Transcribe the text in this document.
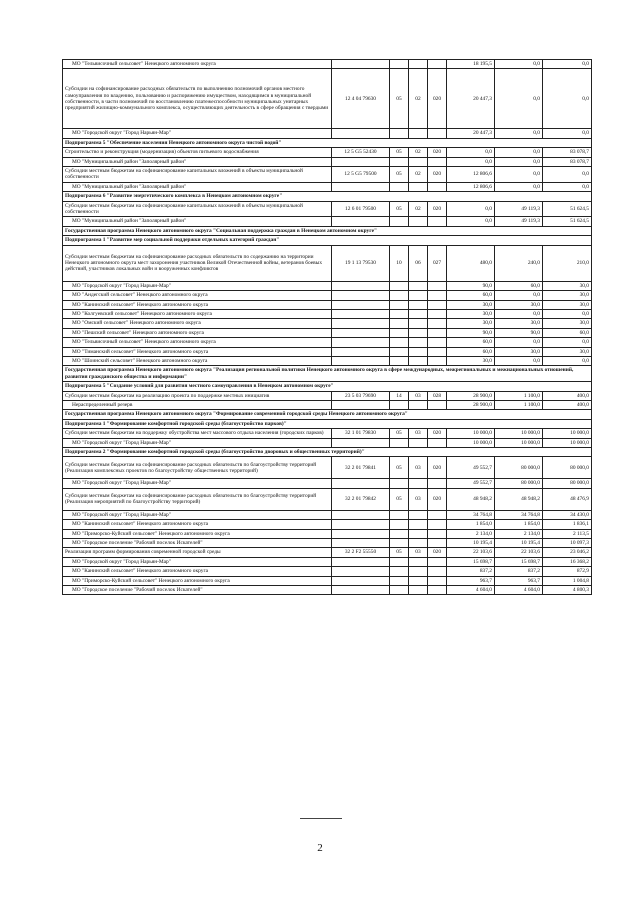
МО "Тельвисочный сельсовет" Ненецкого автономного округа					18 195,5	0,0	0,0
Субсидии на софинансирование расходных обязательств по выполнению полномочий органов местного самоуправления по владению, пользованию и распоряжению имуществом, находящимся в муниципальной собственности, в части полномочий по восстановлению платежеспособности муниципальных унитарных предприятий жилищно-коммунального комплекса, осуществляющих деятельность в сфере обращения с твердыми	12 4 04 79630	05	02	020	20 447,3	0,0	0,0
МО "Городской округ "Город Нарьян-Мар"					20 447,3	0,0	0,0
Подпрограмма 5 "Обеспечение населения Ненецкого автономного округа чистой водой"							
Строительство и реконструкция (модернизация) объектов питьевого водоснабжения	12 5 G5 52430	05	02	020	0,0	0,0	83 078,7
МО "Муниципальный район "Заполярный район"					0,0	0,0	83 078,7
Субсидии местным бюджетам на софинансирование капитальных вложений в объекты муниципальной собственности	12 5 G5 79500	05	02	020	12 806,6	0,0	0,0
МО "Муниципальный район "Заполярный район"					12 806,6	0,0	0,0
Подпрограмма 6 "Развитие энергетического комплекса в Ненецком автономном округе"							
Субсидии местным бюджетам на софинансирование капитальных вложений в объекты муниципальной собственности	12 6 01 79500	05	02	020	0,0	49 119,3	51 624,5
МО "Муниципальный район "Заполярный район"					0,0	49 119,3	51 624,5
Государственная программа Ненецкого автономного округа "Социальная поддержка граждан в Ненецком автономном округе"							
Подпрограмма 1 "Развитие мер социальной поддержки отдельных категорий граждан"							
Субсидии местным бюджетам на софинансирование расходных обязательств по содержанию на территории Ненецкого автономного округа мест захоронения участников Великой Отечественной войны, ветеранов боевых действий, участников локальных войн и вооруженных конфликтов	19 1 13 79530	10	06	027	480,0	240,0	210,0
МО "Городской округ "Город Нарьян-Мар"					90,0	60,0	30,0
МО "Андегский сельсовет" Ненецкого автономного округа					60,0	0,0	30,0
МО "Канинский сельсовет" Ненецкого автономного округа					30,0	30,0	30,0
МО "Колгуевский сельсовет" Ненецкого автономного округа					30,0	0,0	0,0
МО "Омский сельсовет" Ненецкого автономного округа					30,0	30,0	30,0
МО "Пешский сельсовет" Ненецкого автономного округа					90,0	90,0	60,0
МО "Тельвисочный сельсовет" Ненецкого автономного округа					60,0	0,0	0,0
МО "Тиманский сельсовет" Ненецкого автономного округа					60,0	30,0	30,0
МО "Шоинский сельсовет" Ненецкого автономного округа					30,0	0,0	0,0
Государственная программа Ненецкого автономного округа "Реализация региональной политики Ненецкого автономного округа в сфере международных, межрегиональных и межнациональных отношений, развития гражданского общества и информации"							
Подпрограмма 5 "Создание условий для развития местного самоуправления в Ненецком автономном округе"							
Субсидии местным бюджетам на реализацию проекта по поддержке местных инициатив	23 5 03 79690	14	03	028	28 900,0	1 100,0	400,0
Нераспределенный резерв					28 900,0	1 100,0	400,0
Государственная программа Ненецкого автономного округа "Формирование современной городской среды Ненецкого автономного округа"							
Подпрограмма 1 "Формирование комфортной городской среды (благоустройство парков)"							
Субсидии местным бюджетам на поддержку обустройства мест массового отдыха населения (городских парков)	32 1 01 79830	05	03	020	10 000,0	10 000,0	10 000,0
МО "Городской округ "Город Нарьян-Мар"					10 000,0	10 000,0	10 000,0
Подпрограмма 2 "Формирование комфортной городской среды (благоустройство дворовых и общественных территорий)"							
Субсидии местным бюджетам на софинансирование расходных обязательств по благоустройству территорий (Реализация комплексных проектов по благоустройству общественных территорий)	32 2 01 79841	05	03	020	49 552,7	80 000,0	80 000,0
МО "Городской округ "Город Нарьян-Мар"					49 552,7	80 000,0	80 000,0
Субсидии местным бюджетам на софинансирование расходных обязательств по благоустройству территорий (Реализация мероприятий по благоустройству территорий)	32 2 01 79842	05	03	020	48 948,2	48 948,2	48 476,9
МО "Городской округ "Город Нарьян-Мар"					34 764,8	34 764,8	34 430,0
МО "Канинский сельсовет" Ненецкого автономного округа					1 854,0	1 854,0	1 836,1
МО "Приморско-Куйский сельсовет" Ненецкого автономного округа					2 134,0	2 134,0	2 113,5
МО "Городское поселение "Рабочий поселок Искателей"					10 195,4	10 195,4	10 097,3
Реализация программ формирования современной городской среды	32 2 F2 55550	05	03	020	22 103,6	22 103,6	23 046,2
МО "Городской округ "Город Нарьян-Мар"					15 698,7	15 698,7	16 368,2
МО "Канинский сельсовет" Ненецкого автономного округа					837,2	837,2	872,9
МО "Приморско-Куйский сельсовет" Ненецкого автономного округа					963,7	963,7	1 004,8
МО "Городское поселение "Рабочий поселок Искателей"					4 604,0	4 604,0	4 800,3
2
